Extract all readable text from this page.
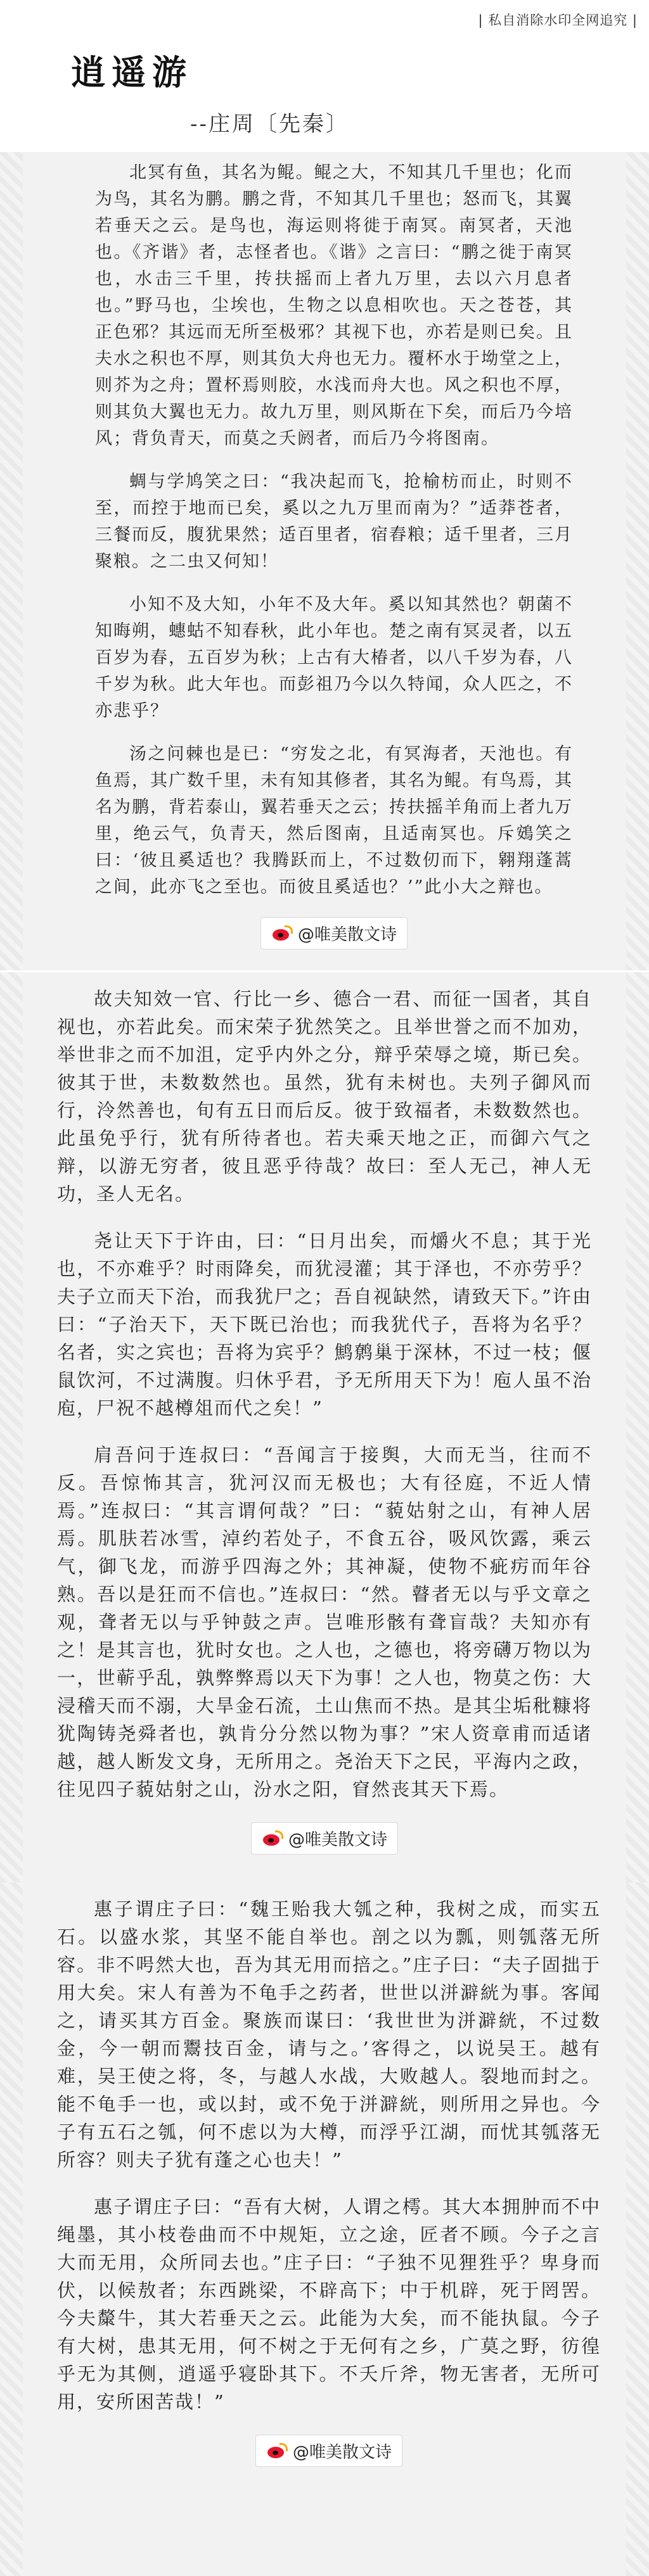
| 私自消除水印全网追究 |
逍遥游
--庄周〔先秦〕

北冥有鱼，其名为鲲。鲲之大，不知其几千里也；化而为鸟，其名为鹏。鹏之背，不知其几千里也；怒而飞，其翼若垂天之云。是鸟也，海运则将徙于南冥。南冥者，天池也。《齐谐》者，志怪者也。《谐》之言曰：“鹏之徙于南冥也，水击三千里，抟扶摇而上者九万里，去以六月息者也。”野马也，尘埃也，生物之以息相吹也。天之苍苍，其正色邪？其远而无所至极邪？其视下也，亦若是则已矣。且夫水之积也不厚，则其负大舟也无力。覆杯水于坳堂之上，则芥为之舟；置杯焉则胶，水浅而舟大也。风之积也不厚，则其负大翼也无力。故九万里，则风斯在下矣，而后乃今培风；背负青天，而莫之夭阏者，而后乃今将图南。

蜩与学鸠笑之曰：“我决起而飞，抢榆枋而止，时则不至，而控于地而已矣，奚以之九万里而南为？”适莽苍者，三餐而反，腹犹果然；适百里者，宿舂粮；适千里者，三月聚粮。之二虫又何知！

小知不及大知，小年不及大年。奚以知其然也？朝菌不知晦朔，蟪蛄不知春秋，此小年也。楚之南有冥灵者，以五百岁为春，五百岁为秋；上古有大椿者，以八千岁为春，八千岁为秋。此大年也。而彭祖乃今以久特闻，众人匹之，不亦悲乎？

汤之问棘也是已：“穷发之北，有冥海者，天池也。有鱼焉，其广数千里，未有知其修者，其名为鲲。有鸟焉，其名为鹏，背若泰山，翼若垂天之云；抟扶摇羊角而上者九万里，绝云气，负青天，然后图南，且适南冥也。斥鴳笑之曰：‘彼且奚适也？我腾跃而上，不过数仞而下，翱翔蓬蒿之间，此亦飞之至也。而彼且奚适也？’”此小大之辩也。

@唯美散文诗

故夫知效一官、行比一乡、德合一君、而征一国者，其自视也，亦若此矣。而宋荣子犹然笑之。且举世誉之而不加劝，举世非之而不加沮，定乎内外之分，辩乎荣辱之境，斯已矣。彼其于世，未数数然也。虽然，犹有未树也。夫列子御风而行，泠然善也，旬有五日而后反。彼于致福者，未数数然也。此虽免乎行，犹有所待者也。若夫乘天地之正，而御六气之辩，以游无穷者，彼且恶乎待哉？故曰：至人无己，神人无功，圣人无名。

尧让天下于许由，曰：“日月出矣，而爝火不息；其于光也，不亦难乎？时雨降矣，而犹浸灌；其于泽也，不亦劳乎？夫子立而天下治，而我犹尸之；吾自视缺然，请致天下。”许由曰：“子治天下，天下既已治也；而我犹代子，吾将为名乎？名者，实之宾也；吾将为宾乎？鹪鹩巢于深林，不过一枝；偃鼠饮河，不过满腹。归休乎君，予无所用天下为！庖人虽不治庖，尸祝不越樽俎而代之矣！”

肩吾问于连叔曰：“吾闻言于接舆，大而无当，往而不反。吾惊怖其言，犹河汉而无极也；大有径庭，不近人情焉。”连叔曰：“其言谓何哉？”曰：“藐姑射之山，有神人居焉。肌肤若冰雪，淖约若处子，不食五谷，吸风饮露，乘云气，御飞龙，而游乎四海之外；其神凝，使物不疵疠而年谷熟。吾以是狂而不信也。”连叔曰：“然。瞽者无以与乎文章之观，聋者无以与乎钟鼓之声。岂唯形骸有聋盲哉？夫知亦有之！是其言也，犹时女也。之人也，之德也，将旁礴万物以为一，世蕲乎乱，孰弊弊焉以天下为事！之人也，物莫之伤：大浸稽天而不溺，大旱金石流，土山焦而不热。是其尘垢秕糠将犹陶铸尧舜者也，孰肯分分然以物为事？”宋人资章甫而适诸越，越人断发文身，无所用之。尧治天下之民，平海内之政，往见四子藐姑射之山，汾水之阳，窅然丧其天下焉。

@唯美散文诗

惠子谓庄子曰：“魏王贻我大瓠之种，我树之成，而实五石。以盛水浆，其坚不能自举也。剖之以为瓢，则瓠落无所容。非不呺然大也，吾为其无用而掊之。”庄子曰：“夫子固拙于用大矣。宋人有善为不龟手之药者，世世以洴澼絖为事。客闻之，请买其方百金。聚族而谋曰：‘我世世为洴澼絖，不过数金，今一朝而鬻技百金，请与之。’客得之，以说吴王。越有难，吴王使之将，冬，与越人水战，大败越人。裂地而封之。能不龟手一也，或以封，或不免于洴澼絖，则所用之异也。今子有五石之瓠，何不虑以为大樽，而浮乎江湖，而忧其瓠落无所容？则夫子犹有蓬之心也夫！”

惠子谓庄子曰：“吾有大树，人谓之樗。其大本拥肿而不中绳墨，其小枝卷曲而不中规矩，立之途，匠者不顾。今子之言大而无用，众所同去也。”庄子曰：“子独不见狸狌乎？卑身而伏，以候敖者；东西跳梁，不辟高下；中于机辟，死于罔罟。今夫斄牛，其大若垂天之云。此能为大矣，而不能执鼠。今子有大树，患其无用，何不树之于无何有之乡，广莫之野，彷徨乎无为其侧，逍遥乎寝卧其下。不夭斤斧，物无害者，无所可用，安所困苦哉！”

@唯美散文诗
